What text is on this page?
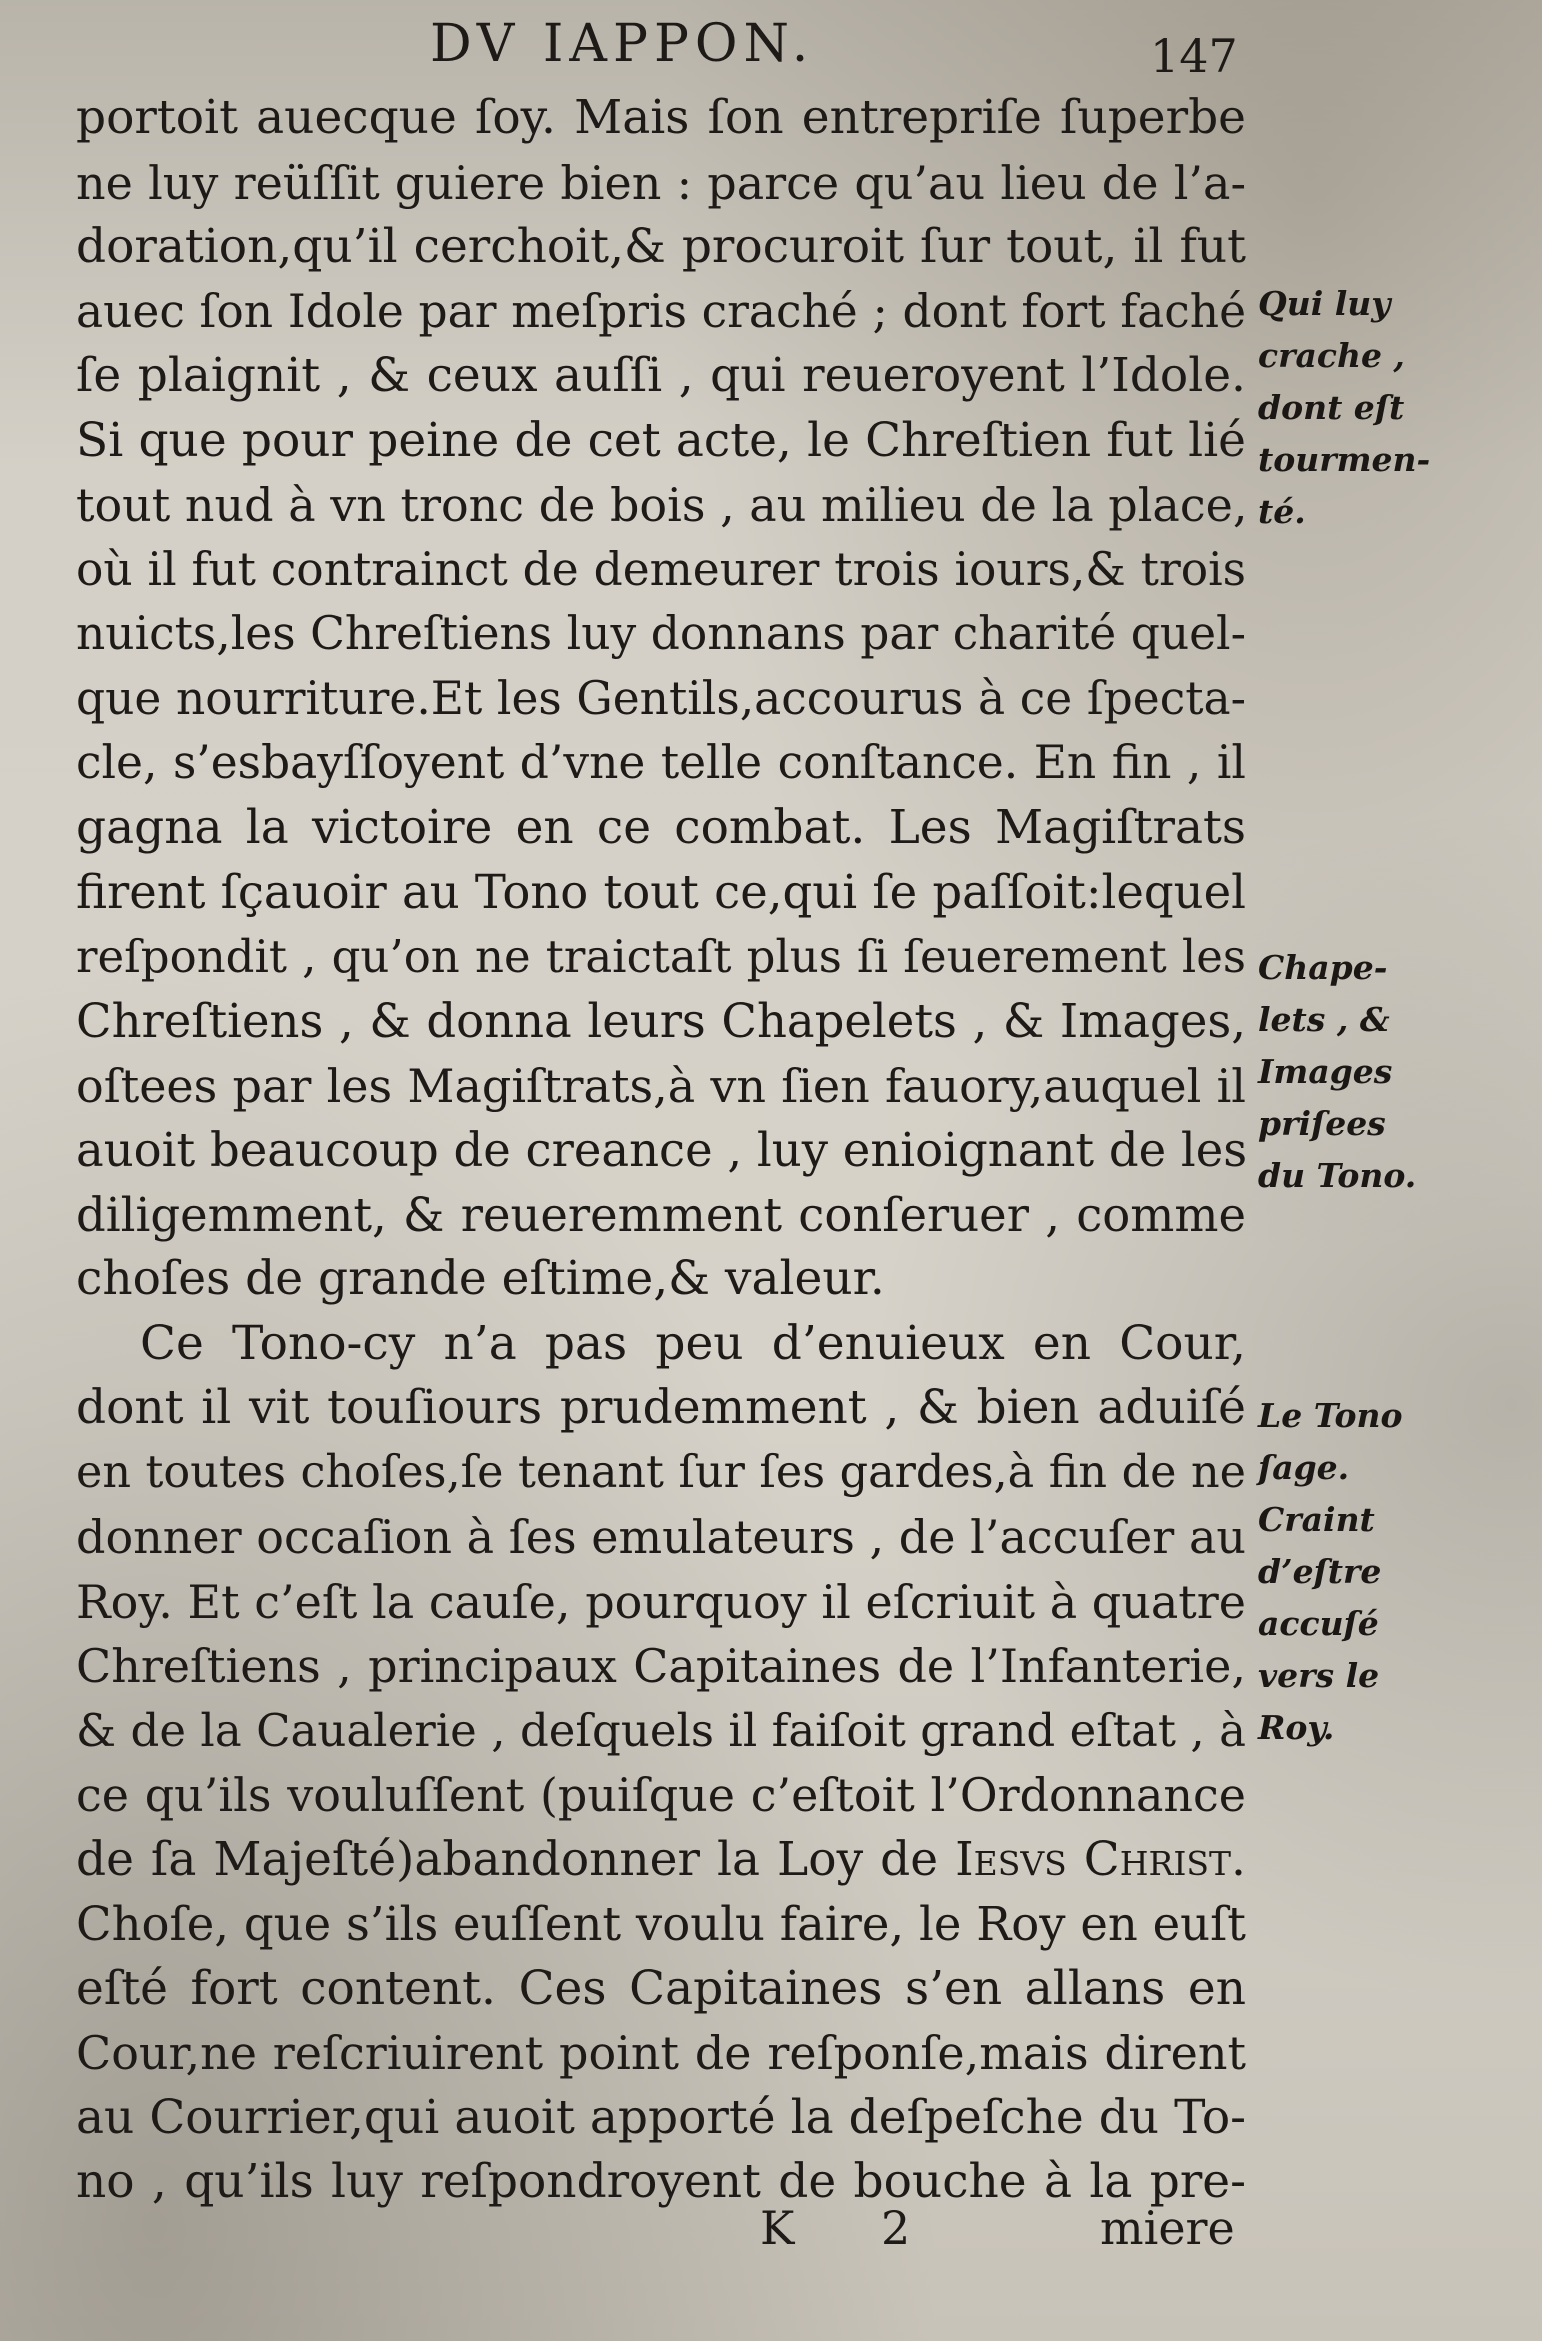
DV IAPPON.	147
portoit auecque ſoy. Mais ſon entrepriſe ſuperbe
ne luy reüſſit guiere bien : parce qu’au lieu de l’a-
doration,qu’il cerchoit,& procuroit ſur tout, il fut
auec ſon Idole par meſpris craché ; dont fort faché
ſe plaignit , & ceux auſſi , qui reueroyent l’Idole.
Si que pour peine de cet acte, le Chreſtien fut lié
tout nud à vn tronc de bois , au milieu de la place,
où il fut contrainct de demeurer trois iours,& trois
nuicts,les Chreſtiens luy donnans par charité quel-
que nourriture.Et les Gentils,accourus à ce ſpecta-
cle, s’esbayſſoyent d’vne telle conſtance. En fin , il
gagna la victoire en ce combat. Les Magiſtrats
firent ſçauoir au Tono tout ce,qui ſe paſſoit:lequel
reſpondit , qu’on ne traictaſt plus ſi ſeuerement les
Chreſtiens , & donna leurs Chapelets , & Images,
oſtees par les Magiſtrats,à vn ſien fauory,auquel il
auoit beaucoup de creance , luy enioignant de les
diligemment, & reueremment conſeruer , comme
choſes de grande eſtime,& valeur.
Ce Tono-cy n’a pas peu d’enuieux en Cour,
dont il vit touſiours prudemment , & bien aduiſé
en toutes choſes,ſe tenant ſur ſes gardes,à fin de ne
donner occaſion à ſes emulateurs , de l’accuſer au
Roy. Et c’eſt la cauſe, pourquoy il eſcriuit à quatre
Chreſtiens , principaux Capitaines de l’Infanterie,
& de la Caualerie , deſquels il faiſoit grand eſtat , à
ce qu’ils vouluſſent (puiſque c’eſtoit l’Ordonnance
de ſa Majeſté)abandonner la Loy de Iesvs Christ.
Choſe, que s’ils euſſent voulu faire, le Roy en euſt
eſté fort content. Ces Capitaines s’en allans en
Cour,ne reſcriuirent point de reſponſe,mais dirent
au Courrier,qui auoit apporté la deſpeſche du To-
no , qu’ils luy reſpondroyent de bouche à la pre-
Qui luy
crache ,
dont eſt
tourmen-
té.
Chape-
lets , &
Images
priſees
du Tono.
Le Tono
ſage.
Craint
d’eſtre
accuſé
vers le
Roy.
K 2	miere
